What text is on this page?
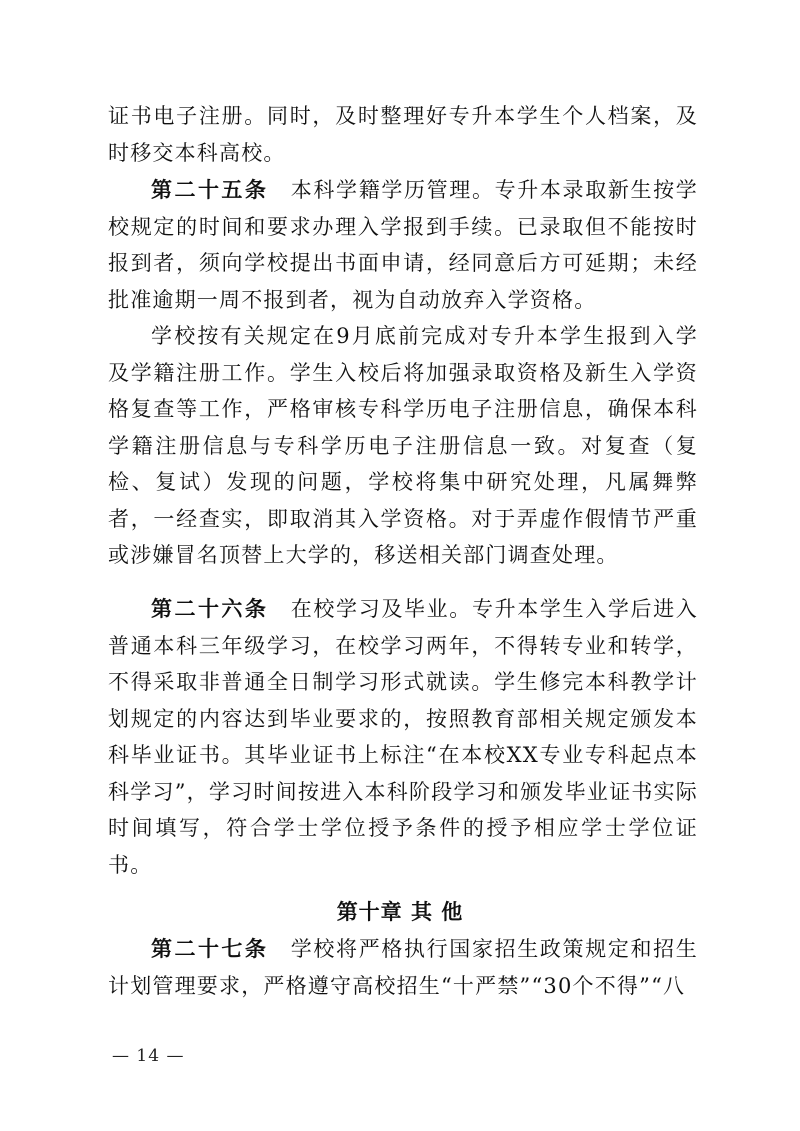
证书电子注册。同时，及时整理好专升本学生个人档案，及时移交本科高校。

第二十五条 本科学籍学历管理。专升本录取新生按学校规定的时间和要求办理入学报到手续。已录取但不能按时报到者，须向学校提出书面申请，经同意后方可延期；未经批准逾期一周不报到者，视为自动放弃入学资格。

学校按有关规定在9月底前完成对专升本学生报到入学及学籍注册工作。学生入校后将加强录取资格及新生入学资格复查等工作，严格审核专科学历电子注册信息，确保本科学籍注册信息与专科学历电子注册信息一致。对复查（复检、复试）发现的问题，学校将集中研究处理，凡属舞弊者，一经查实，即取消其入学资格。对于弄虚作假情节严重或涉嫌冒名顶替上大学的，移送相关部门调查处理。

第二十六条 在校学习及毕业。专升本学生入学后进入普通本科三年级学习，在校学习两年，不得转专业和转学，不得采取非普通全日制学习形式就读。学生修完本科教学计划规定的内容达到毕业要求的，按照教育部相关规定颁发本科毕业证书。其毕业证书上标注“在本校XX专业专科起点本科学习”，学习时间按进入本科阶段学习和颁发毕业证书实际时间填写，符合学士学位授予条件的授予相应学士学位证书。

第十章 其 他

第二十七条 学校将严格执行国家招生政策规定和招生计划管理要求，严格遵守高校招生“十严禁”“30个不得”“八

— 14 —
